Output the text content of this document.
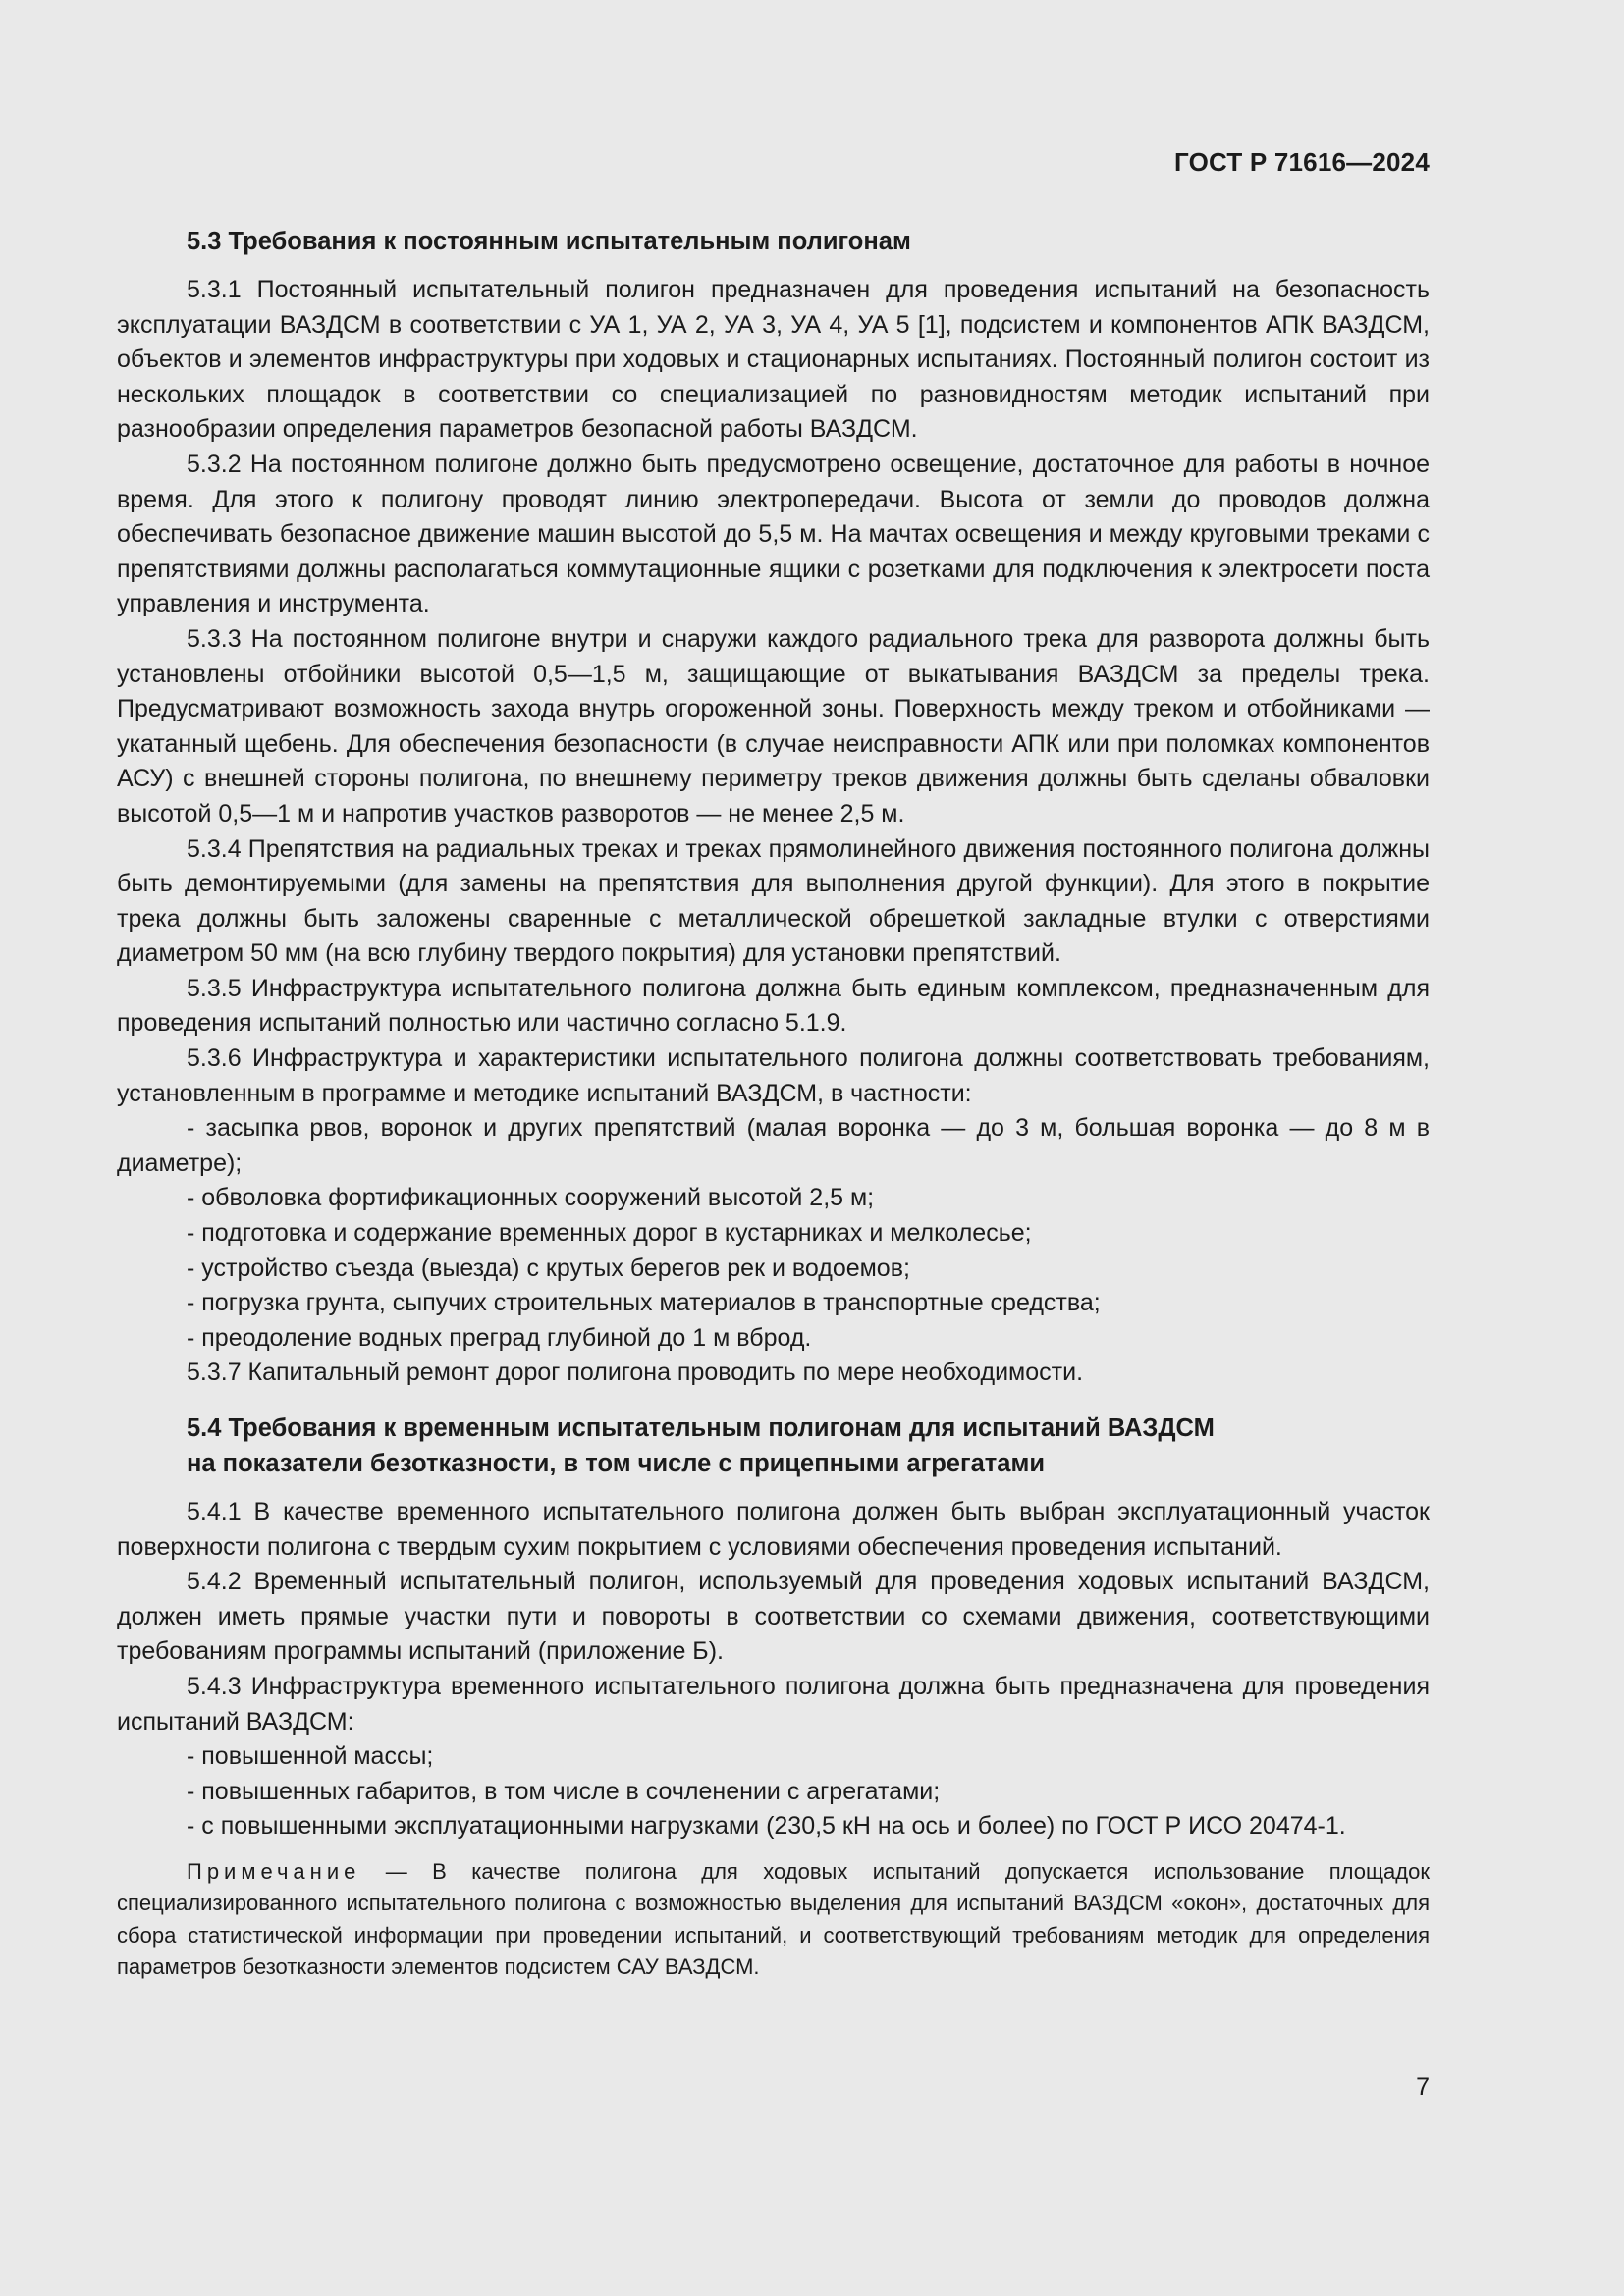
ГОСТ Р 71616—2024
5.3 Требования к постоянным испытательным полигонам

5.3.1 Постоянный испытательный полигон предназначен для проведения испытаний на безопасность эксплуатации ВАЗДСМ в соответствии с УА 1, УА 2, УА 3, УА 4, УА 5 [1], подсистем и компонентов АПК ВАЗДСМ, объектов и элементов инфраструктуры при ходовых и стационарных испытаниях. Постоянный полигон состоит из нескольких площадок в соответствии со специализацией по разновидностям методик испытаний при разнообразии определения параметров безопасной работы ВАЗДСМ.

5.3.2 На постоянном полигоне должно быть предусмотрено освещение, достаточное для работы в ночное время. Для этого к полигону проводят линию электропередачи. Высота от земли до проводов должна обеспечивать безопасное движение машин высотой до 5,5 м. На мачтах освещения и между круговыми треками с препятствиями должны располагаться коммутационные ящики с розетками для подключения к электросети поста управления и инструмента.

5.3.3 На постоянном полигоне внутри и снаружи каждого радиального трека для разворота должны быть установлены отбойники высотой 0,5—1,5 м, защищающие от выкатывания ВАЗДСМ за пределы трека. Предусматривают возможность захода внутрь огороженной зоны. Поверхность между треком и отбойниками — укатанный щебень. Для обеспечения безопасности (в случае неисправности АПК или при поломках компонентов АСУ) с внешней стороны полигона, по внешнему периметру треков движения должны быть сделаны обваловки высотой 0,5—1 м и напротив участков разворотов — не менее 2,5 м.

5.3.4 Препятствия на радиальных треках и треках прямолинейного движения постоянного полигона должны быть демонтируемыми (для замены на препятствия для выполнения другой функции). Для этого в покрытие трека должны быть заложены сваренные с металлической обрешеткой закладные втулки с отверстиями диаметром 50 мм (на всю глубину твердого покрытия) для установки препятствий.

5.3.5 Инфраструктура испытательного полигона должна быть единым комплексом, предназначенным для проведения испытаний полностью или частично согласно 5.1.9.

5.3.6 Инфраструктура и характеристики испытательного полигона должны соответствовать требованиям, установленным в программе и методике испытаний ВАЗДСМ, в частности:

- засыпка рвов, воронок и других препятствий (малая воронка — до 3 м, большая воронка — до 8 м в диаметре);

- обволовка фортификационных сооружений высотой 2,5 м;

- подготовка и содержание временных дорог в кустарниках и мелколесье;

- устройство съезда (выезда) с крутых берегов рек и водоемов;

- погрузка грунта, сыпучих строительных материалов в транспортные средства;

- преодоление водных преград глубиной до 1 м вброд.

5.3.7 Капитальный ремонт дорог полигона проводить по мере необходимости.

5.4 Требования к временным испытательным полигонам для испытаний ВАЗДСМ
на показатели безотказности, в том числе с прицепными агрегатами

5.4.1 В качестве временного испытательного полигона должен быть выбран эксплуатационный участок поверхности полигона с твердым сухим покрытием с условиями обеспечения проведения испытаний.

5.4.2 Временный испытательный полигон, используемый для проведения ходовых испытаний ВАЗДСМ, должен иметь прямые участки пути и повороты в соответствии со схемами движения, соответствующими требованиям программы испытаний (приложение Б).

5.4.3 Инфраструктура временного испытательного полигона должна быть предназначена для проведения испытаний ВАЗДСМ:

- повышенной массы;

- повышенных габаритов, в том числе в сочленении с агрегатами;

- с повышенными эксплуатационными нагрузками (230,5 кН на ось и более) по ГОСТ Р ИСО 20474-1.

Примечание — В качестве полигона для ходовых испытаний допускается использование площадок специализированного испытательного полигона с возможностью выделения для испытаний ВАЗДСМ «окон», достаточных для сбора статистической информации при проведении испытаний, и соответствующий требованиям методик для определения параметров безотказности элементов подсистем САУ ВАЗДСМ.

7
